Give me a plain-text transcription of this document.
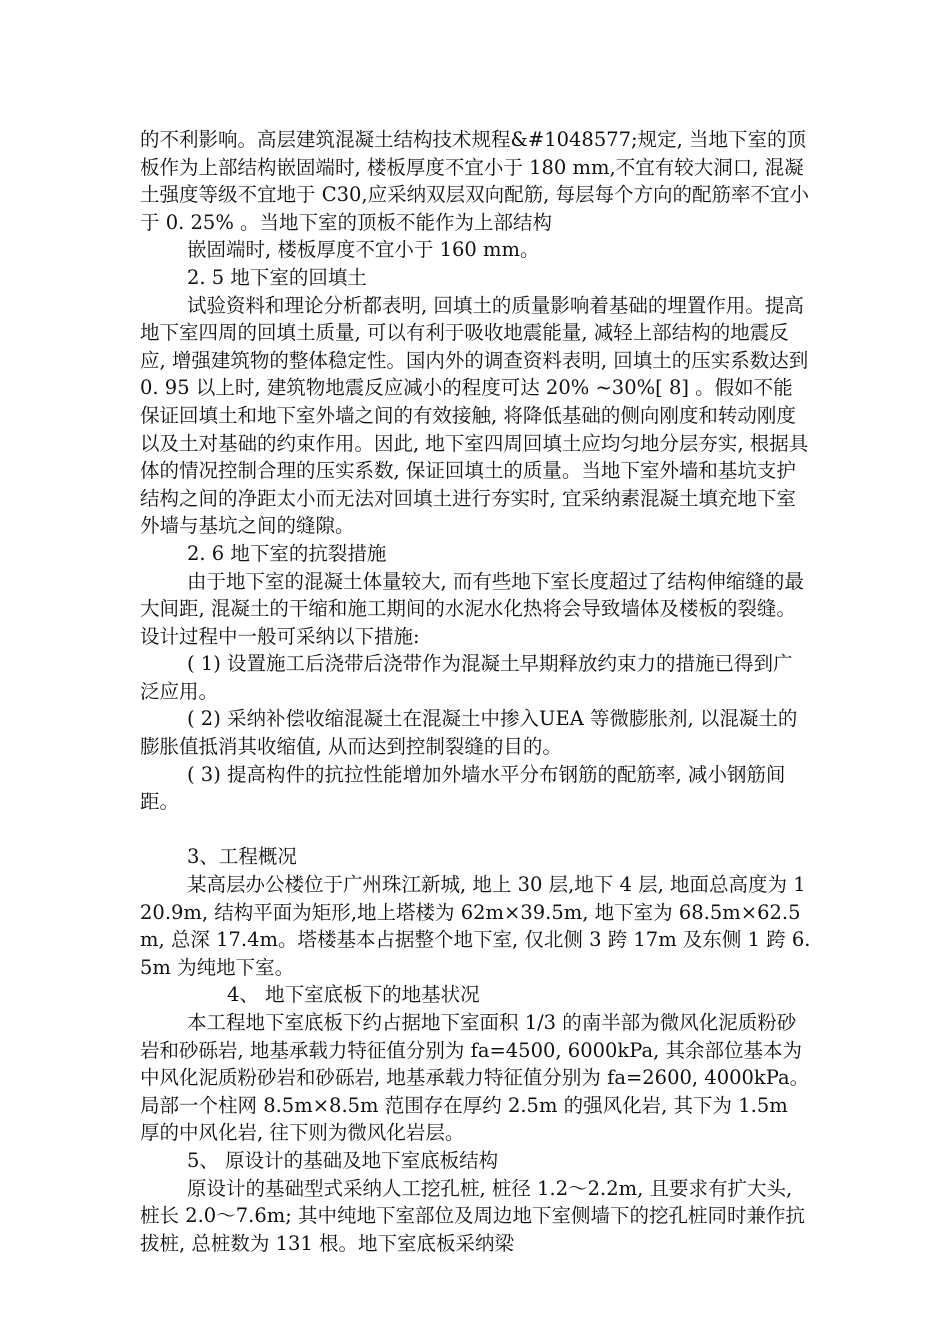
的不利影响。高层建筑混凝土结构技术规程&#1048577;规定, 当地下室的顶板作为上部结构嵌固端时, 楼板厚度不宜小于 180 mm,不宜有较大洞口, 混凝土强度等级不宜地于 C30,应采纳双层双向配筋, 每层每个方向的配筋率不宜小于 0. 25% 。当地下室的顶板不能作为上部结构

嵌固端时, 楼板厚度不宜小于 160 mm。

2. 5 地下室的回填土

试验资料和理论分析都表明, 回填土的质量影响着基础的埋置作用。提高地下室四周的回填土质量, 可以有利于吸收地震能量, 减轻上部结构的地震反应, 增强建筑物的整体稳定性。国内外的调查资料表明, 回填土的压实系数达到 0. 95 以上时, 建筑物地震反应减小的程度可达 20% ~30%[ 8] 。假如不能保证回填土和地下室外墙之间的有效接触, 将降低基础的侧向刚度和转动刚度以及土对基础的约束作用。因此, 地下室四周回填土应均匀地分层夯实, 根据具体的情况控制合理的压实系数, 保证回填土的质量。当地下室外墙和基坑支护结构之间的净距太小而无法对回填土进行夯实时, 宜采纳素混凝土填充地下室外墙与基坑之间的缝隙。

2. 6 地下室的抗裂措施

由于地下室的混凝土体量较大, 而有些地下室长度超过了结构伸缩缝的最大间距, 混凝土的干缩和施工期间的水泥水化热将会导致墙体及楼板的裂缝。设计过程中一般可采纳以下措施:

( 1) 设置施工后浇带后浇带作为混凝土早期释放约束力的措施已得到广泛应用。

( 2) 采纳补偿收缩混凝土在混凝土中掺入UEA 等微膨胀剂, 以混凝土的膨胀值抵消其收缩值, 从而达到控制裂缝的目的。

( 3) 提高构件的抗拉性能增加外墙水平分布钢筋的配筋率, 减小钢筋间距。

3、工程概况

某高层办公楼位于广州珠江新城, 地上 30 层,地下 4 层, 地面总高度为 120.9m, 结构平面为矩形,地上塔楼为 62m×39.5m, 地下室为 68.5m×62.5m, 总深 17.4m。塔楼基本占据整个地下室, 仅北侧 3 跨 17m 及东侧 1 跨 6.5m 为纯地下室。

4、 地下室底板下的地基状况

本工程地下室底板下约占据地下室面积 1/3 的南半部为微风化泥质粉砂岩和砂砾岩, 地基承载力特征值分别为 fa=4500, 6000kPa, 其余部位基本为中风化泥质粉砂岩和砂砾岩, 地基承载力特征值分别为 fa=2600, 4000kPa。局部一个柱网 8.5m×8.5m 范围存在厚约 2.5m 的强风化岩, 其下为 1.5m 厚的中风化岩, 往下则为微风化岩层。

5、 原设计的基础及地下室底板结构

原设计的基础型式采纳人工挖孔桩, 桩径 1.2～2.2m, 且要求有扩大头, 桩长 2.0～7.6m; 其中纯地下室部位及周边地下室侧墙下的挖孔桩同时兼作抗拔桩, 总桩数为 131 根。地下室底板采纳梁
